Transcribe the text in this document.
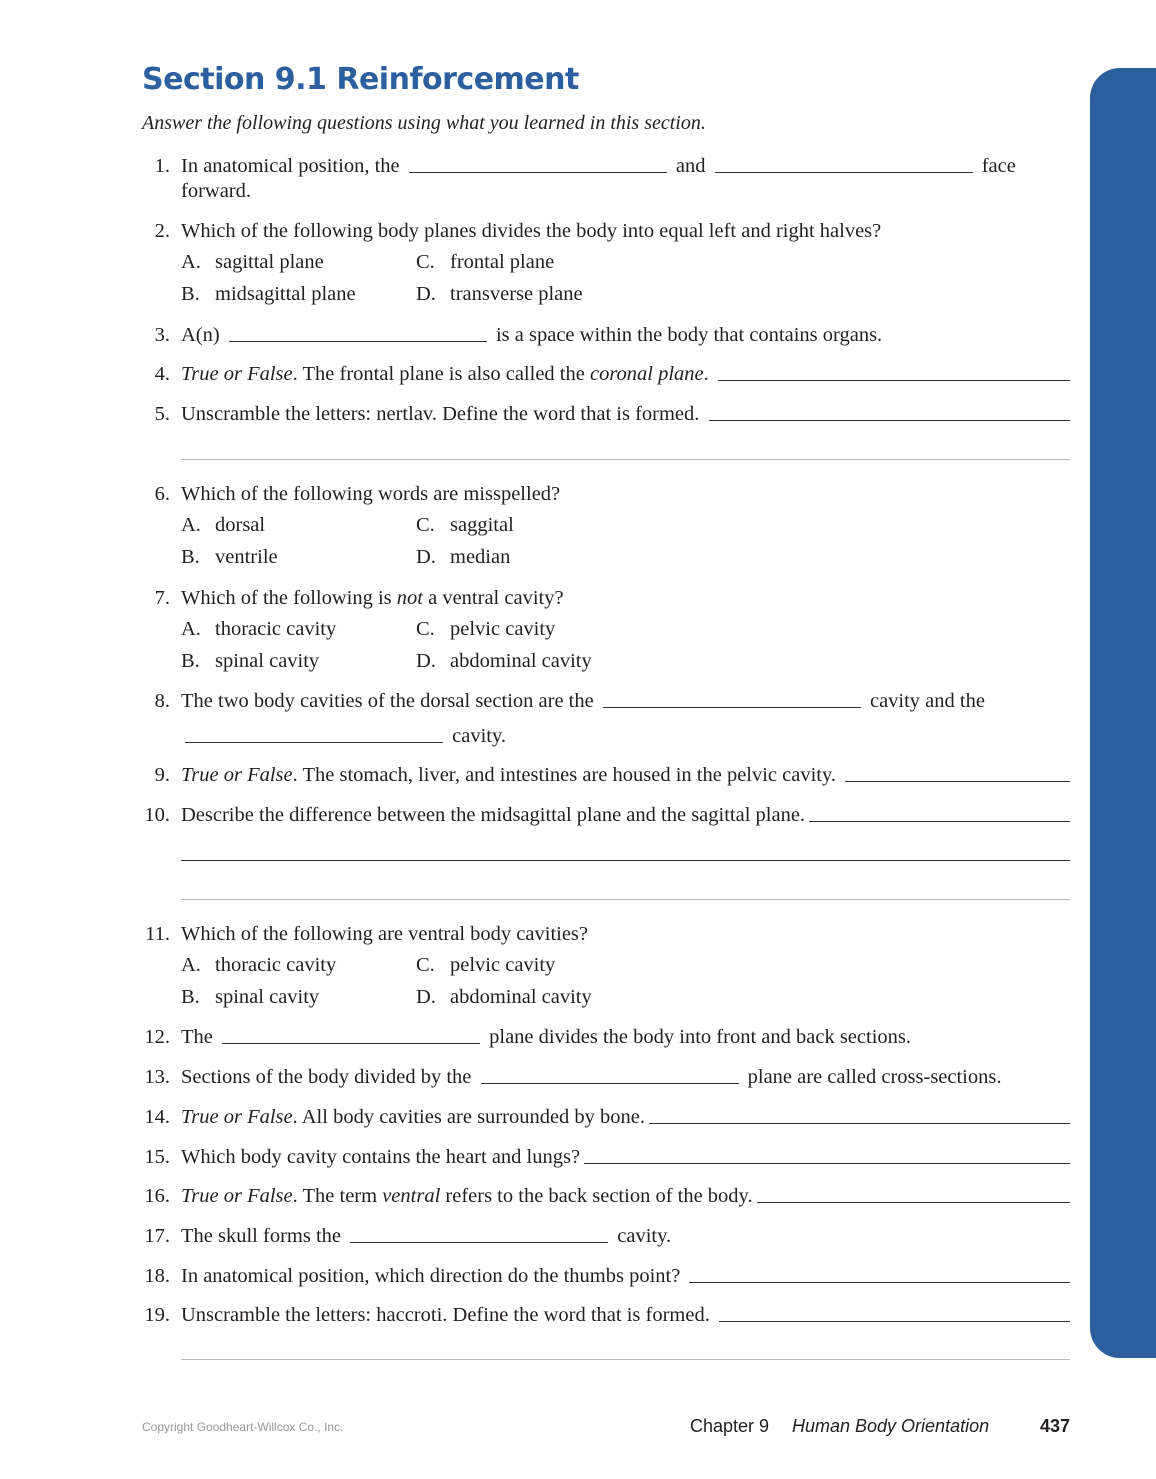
Section 9.1 Reinforcement
Answer the following questions using what you learned in this section.
1. In anatomical position, the	and	face
forward.
2. Which of the following body planes divides the body into equal left and right halves?
A. sagittal plane	C. frontal plane
B. midsagittal plane	D. transverse plane
3. A(n)	is a space within the body that contains organs.
4. True or False . The frontal plane is also called the coronal plane .
5. Unscramble the letters: nertlav. Define the word that is formed.
6. Which of the following words are misspelled?
A. dorsal	C. saggital
B. ventrile	D. median
7. Which of the following is not a ventral cavity?
A. thoracic cavity	C. pelvic cavity
B. spinal cavity	D. abdominal cavity
8. The two body cavities of the dorsal section are the	cavity and the
cavity.
9. True or False . The stomach, liver, and intestines are housed in the pelvic cavity.
10. Describe the difference between the midsagittal plane and the sagittal plane.
11. Which of the following are ventral body cavities?
A. thoracic cavity	C. pelvic cavity
B. spinal cavity	D. abdominal cavity
12. The	plane divides the body into front and back sections.
13. Sections of the body divided by the	plane are called cross-sections.
14. True or False . All body cavities are surrounded by bone.
15. Which body cavity contains the heart and lungs?
16. True or False . The term ventral refers to the back section of the body.
17. The skull forms the	cavity.
18. In anatomical position, which direction do the thumbs point?
19. Unscramble the letters: haccroti. Define the word that is formed.
Copyright Goodheart-Willcox Co., Inc.	Chapter 9 Human Body Orientation	437
